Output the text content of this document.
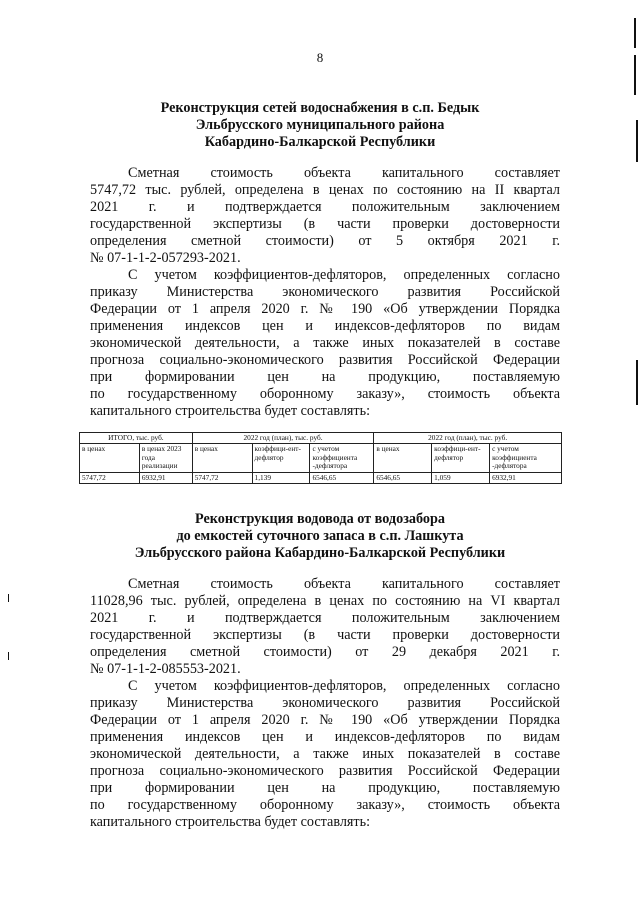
8
Реконструкция сетей водоснабжения в с.п. Бедык
Эльбрусского муниципального района
Кабардино-Балкарской Республики
Сметная стоимость объекта капитального составляет
5747,72 тыс. рублей, определена в ценах по состоянию на II квартал
2021 г. и подтверждается положительным заключением
государственной экспертизы (в части проверки достоверности
определения сметной стоимости) от 5 октября 2021 г.
№ 07-1-1-2-057293-2021.
С учетом коэффициентов-дефляторов, определенных согласно
приказу Министерства экономического развития Российской
Федерации от 1 апреля 2020 г. № 190 «Об утверждении Порядка
применения индексов цен и индексов-дефляторов по видам
экономической деятельности, а также иных показателей в составе
прогноза социально-экономического развития Российской Федерации
при формировании цен на продукцию, поставляемую
по государственному оборонному заказу», стоимость объекта
капитального строительства будет составлять:
ИТОГО, тыс. руб.		2022 год (план), тыс. руб.			2022 год (план), тыс. руб.		
в ценах	в ценах 2023 года реализации	в ценах	коэффици-ент-дефлятор	с учетом коэффициента -дефлятора	в ценах	коэффици-ент-дефлятор	с учетом коэффициента -дефлятора
5747,72	6932,91	5747,72	1,139	6546,65	6546,65	1,059	6932,91
Реконструкция водовода от водозабора
до емкостей суточного запаса в с.п. Лашкута
Эльбрусского района Кабардино-Балкарской Республики
Сметная стоимость объекта капитального составляет
11028,96 тыс. рублей, определена в ценах по состоянию на VI квартал
2021 г. и подтверждается положительным заключением
государственной экспертизы (в части проверки достоверности
определения сметной стоимости) от 29 декабря 2021 г.
№ 07-1-1-2-085553-2021.
С учетом коэффициентов-дефляторов, определенных согласно
приказу Министерства экономического развития Российской
Федерации от 1 апреля 2020 г. № 190 «Об утверждении Порядка
применения индексов цен и индексов-дефляторов по видам
экономической деятельности, а также иных показателей в составе
прогноза социально-экономического развития Российской Федерации
при формировании цен на продукцию, поставляемую
по государственному оборонному заказу», стоимость объекта
капитального строительства будет составлять:
